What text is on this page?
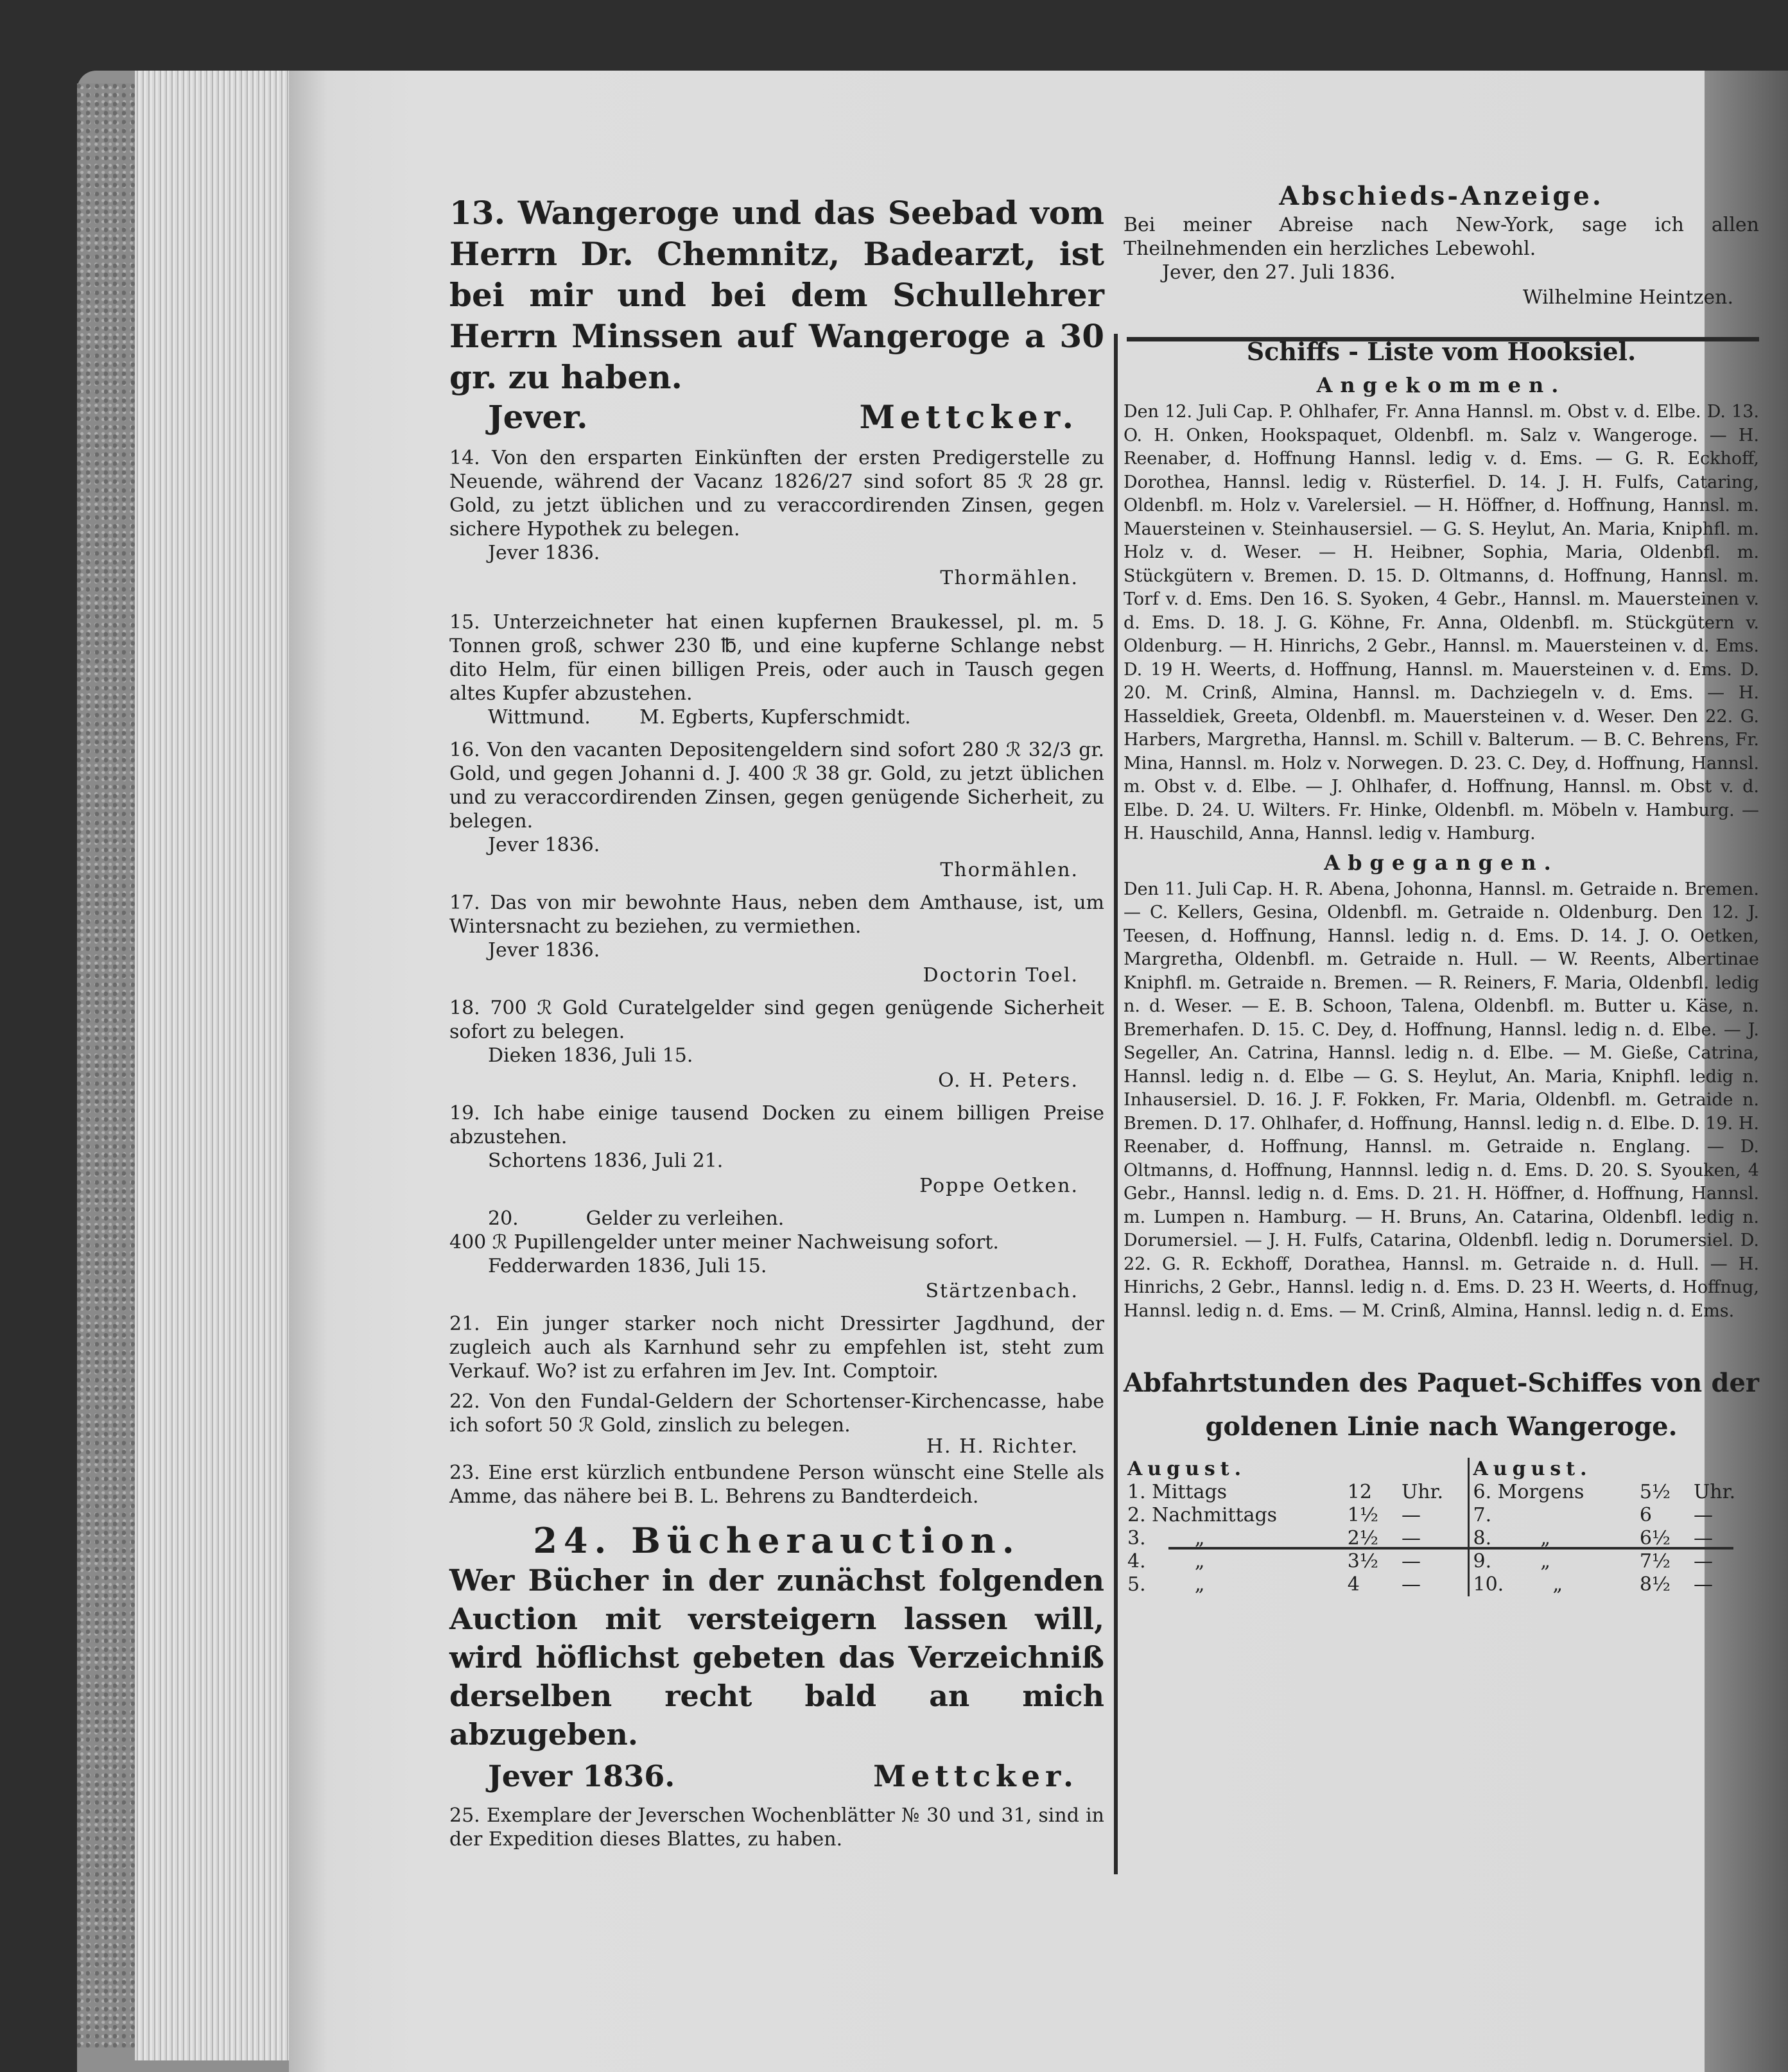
13. Wangeroge und das Seebad vom Herrn Dr. Chemnitz, Badearzt, ist bei mir und bei dem Schullehrer Herrn Minssen auf Wangeroge a 30 gr. zu haben.

Jever.	Mettcker.

14. Von den ersparten Einkünften der ersten Predigerstelle zu Neuende, während der Vacanz 1826/27 sind sofort 85 ℛ 28 gr. Gold, zu jetzt üblichen und zu veraccordirenden Zinsen, gegen sichere Hypothek zu belegen.

Jever 1836.

Thormählen.

15. Unterzeichneter hat einen kupfernen Braukessel, pl. m. 5 Tonnen groß, schwer 230 ℔, und eine kupferne Schlange nebst dito Helm, für einen billigen Preis, oder auch in Tausch gegen altes Kupfer abzustehen.

Wittmund.        M. Egberts, Kupferschmidt.

16. Von den vacanten Depositengeldern sind sofort 280 ℛ 32/3 gr. Gold, und gegen Johanni d. J. 400 ℛ 38 gr. Gold, zu jetzt üblichen und zu veraccordirenden Zinsen, gegen genügende Sicherheit, zu belegen.

Jever 1836.

Thormählen.

17. Das von mir bewohnte Haus, neben dem Amthause, ist, um Wintersnacht zu beziehen, zu vermiethen.

Jever 1836.

Doctorin Toel.

18. 700 ℛ Gold Curatelgelder sind gegen genügende Sicherheit sofort zu belegen.

Dieken 1836, Juli 15.

O. H. Peters.

19. Ich habe einige tausend Docken zu einem billigen Preise abzustehen.

Schortens 1836, Juli 21.

Poppe Oetken.

20.           Gelder zu verleihen.

400 ℛ Pupillengelder unter meiner Nachweisung sofort.

Fedderwarden 1836, Juli 15.

Stärtzenbach.

21. Ein junger starker noch nicht Dressirter Jagdhund, der zugleich auch als Karnhund sehr zu empfehlen ist, steht zum Verkauf. Wo? ist zu erfahren im Jev. Int. Comptoir.

22. Von den Fundal-Geldern der Schortenser-Kirchencasse, habe ich sofort 50 ℛ Gold, zinslich zu belegen.

H. H. Richter.

23. Eine erst kürzlich entbundene Person wünscht eine Stelle als Amme, das nähere bei B. L. Behrens zu Bandterdeich.

24. Bücherauction.

Wer Bücher in der zunächst folgenden Auction mit versteigern lassen will, wird höflichst gebeten das Verzeichniß derselben recht bald an mich abzugeben.

Jever 1836.	Mettcker.

25. Exemplare der Jeverschen Wochenblätter № 30 und 31, sind in der Expedition dieses Blattes, zu haben.

Abschieds-Anzeige.

Bei meiner Abreise nach New-York, sage ich allen Theilnehmenden ein herzliches Lebewohl.

Jever, den 27. Juli 1836.

Wilhelmine Heintzen.

Schiffs - Liste vom Hooksiel.

Angekommen.

Den 12. Juli Cap. P. Ohlhafer, Fr. Anna Hannsl. m. Obst v. d. Elbe. D. 13. O. H. Onken, Hookspaquet, Oldenbfl. m. Salz v. Wangeroge. — H. Reenaber, d. Hoffnung Hannsl. ledig v. d. Ems. — G. R. Eckhoff, Dorothea, Hannsl. ledig v. Rüsterfiel. D. 14. J. H. Fulfs, Cataring, Oldenbfl. m. Holz v. Varelersiel. — H. Höffner, d. Hoffnung, Hannsl. m. Mauersteinen v. Steinhausersiel. — G. S. Heylut, An. Maria, Kniphfl. m. Holz v. d. Weser. — H. Heibner, Sophia, Maria, Oldenbfl. m. Stückgütern v. Bremen. D. 15. D. Oltmanns, d. Hoffnung, Hannsl. m. Torf v. d. Ems. Den 16. S. Syoken, 4 Gebr., Hannsl. m. Mauersteinen v. d. Ems. D. 18. J. G. Köhne, Fr. Anna, Oldenbfl. m. Stückgütern v. Oldenburg. — H. Hinrichs, 2 Gebr., Hannsl. m. Mauersteinen v. d. Ems. D. 19 H. Weerts, d. Hoffnung, Hannsl. m. Mauersteinen v. d. Ems. D. 20. M. Crinß, Almina, Hannsl. m. Dachziegeln v. d. Ems. — H. Hasseldiek, Greeta, Oldenbfl. m. Mauersteinen v. d. Weser. Den 22. G. Harbers, Margretha, Hannsl. m. Schill v. Balterum. — B. C. Behrens, Fr. Mina, Hannsl. m. Holz v. Norwegen. D. 23. C. Dey, d. Hoffnung, Hannsl. m. Obst v. d. Elbe. — J. Ohlhafer, d. Hoffnung, Hannsl. m. Obst v. d. Elbe. D. 24. U. Wilters. Fr. Hinke, Oldenbfl. m. Möbeln v. Hamburg. — H. Hauschild, Anna, Hannsl. ledig v. Hamburg.

Abgegangen.

Den 11. Juli Cap. H. R. Abena, Johonna, Hannsl. m. Getraide n. Bremen. — C. Kellers, Gesina, Oldenbfl. m. Getraide n. Oldenburg. Den 12. J. Teesen, d. Hoffnung, Hannsl. ledig n. d. Ems. D. 14. J. O. Oetken, Margretha, Oldenbfl. m. Getraide n. Hull. — W. Reents, Albertinae Kniphfl. m. Getraide n. Bremen. — R. Reiners, F. Maria, Oldenbfl. ledig n. d. Weser. — E. B. Schoon, Talena, Oldenbfl. m. Butter u. Käse, n. Bremerhafen. D. 15. C. Dey, d. Hoffnung, Hannsl. ledig n. d. Elbe. — J. Segeller, An. Catrina, Hannsl. ledig n. d. Elbe. — M. Gießе, Catrina, Hannsl. ledig n. d. Elbe — G. S. Heylut, An. Maria, Kniphfl. ledig n. Inhausersiel. D. 16. J. F. Fokken, Fr. Maria, Oldenbfl. m. Getraide n. Bremen. D. 17. Ohlhafer, d. Hoffnung, Hannsl. ledig n. d. Elbe. D. 19. H. Reenaber, d. Hoffnung, Hannsl. m. Getraide n. Englang. — D. Oltmanns, d. Hoffnung, Hannnsl. ledig n. d. Ems. D. 20. S. Syouken, 4 Gebr., Hannsl. ledig n. d. Ems. D. 21. H. Höffner, d. Hoffnung, Hannsl. m. Lumpen n. Hamburg. — H. Bruns, An. Catarina, Oldenbfl. ledig n. Dorumersiel. — J. H. Fulfs, Catarina, Oldenbfl. ledig n. Dorumersiel. D. 22. G. R. Eckhoff, Dorathea, Hannsl. m. Getraide n. d. Hull. — H. Hinrichs, 2 Gebr., Hannsl. ledig n. d. Ems. D. 23 H. Weerts, d. Hoffnug, Hannsl. ledig n. d. Ems. — M. Crinß, Almina, Hannsl. ledig n. d. Ems.

Abfahrtstunden des Paquet-Schiffes von der goldenen Linie nach Wangeroge.

August.			August.		
1. Mittags	12	Uhr.	6. Morgens	5½	Uhr.
2. Nachmittags	1½	—	7.	6	—
3.        „	2½	—	8.        „	6½	—
4.        „	3½	—	9.        „	7½	—
5.        „	4	—	10.        „	8½	—
